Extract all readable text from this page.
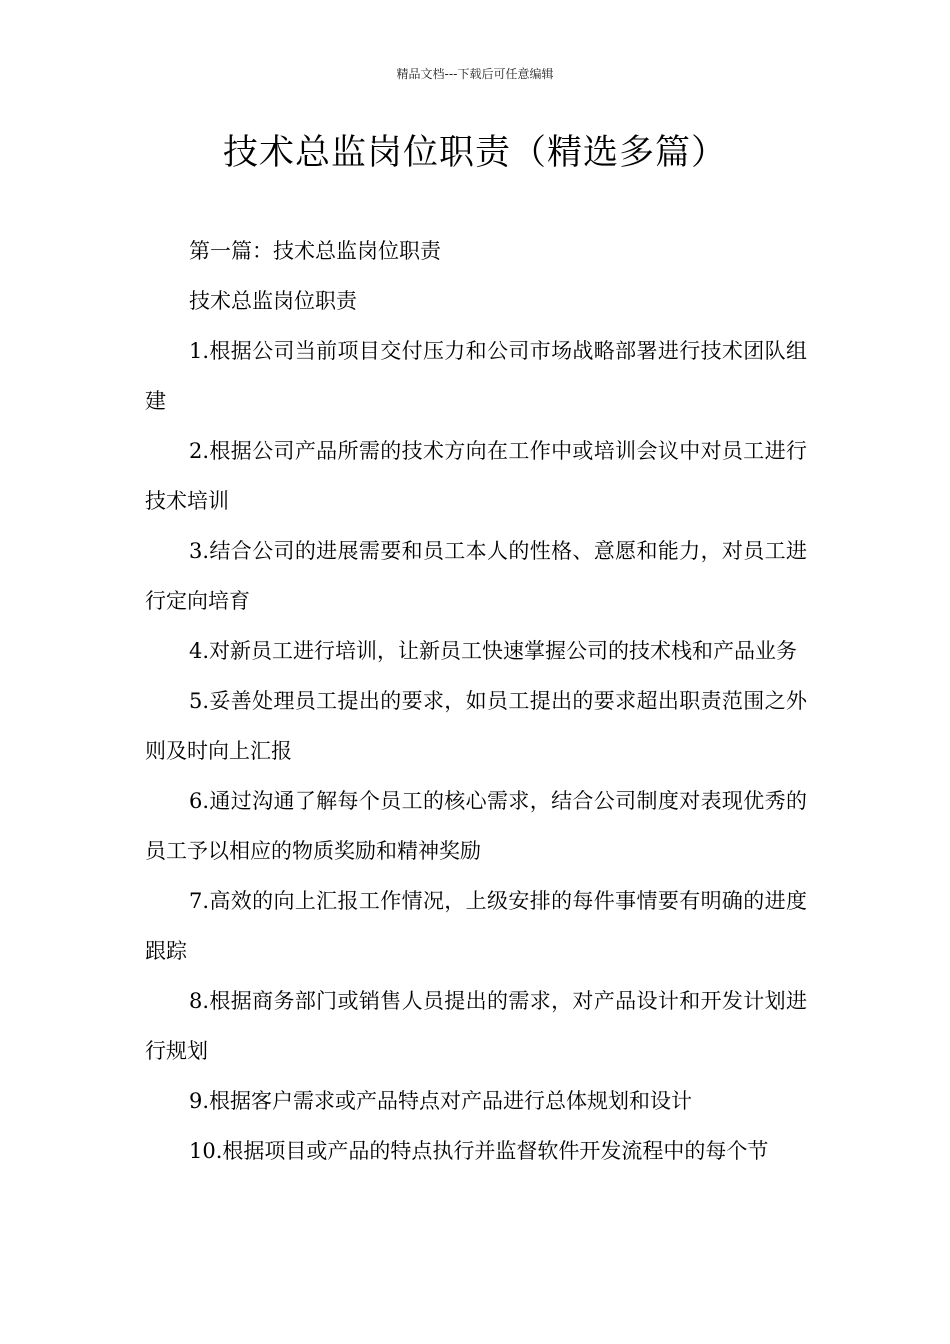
精品文档---下载后可任意编辑
技术总监岗位职责（精选多篇）

第一篇：技术总监岗位职责

技术总监岗位职责

1.根据公司当前项目交付压力和公司市场战略部署进行技术团队组建

2.根据公司产品所需的技术方向在工作中或培训会议中对员工进行技术培训

3.结合公司的进展需要和员工本人的性格、意愿和能力，对员工进行定向培育

4.对新员工进行培训，让新员工快速掌握公司的技术栈和产品业务

5.妥善处理员工提出的要求，如员工提出的要求超出职责范围之外则及时向上汇报

6.通过沟通了解每个员工的核心需求，结合公司制度对表现优秀的员工予以相应的物质奖励和精神奖励

7.高效的向上汇报工作情况，上级安排的每件事情要有明确的进度跟踪

8.根据商务部门或销售人员提出的需求，对产品设计和开发计划进行规划

9.根据客户需求或产品特点对产品进行总体规划和设计

10.根据项目或产品的特点执行并监督软件开发流程中的每个节
